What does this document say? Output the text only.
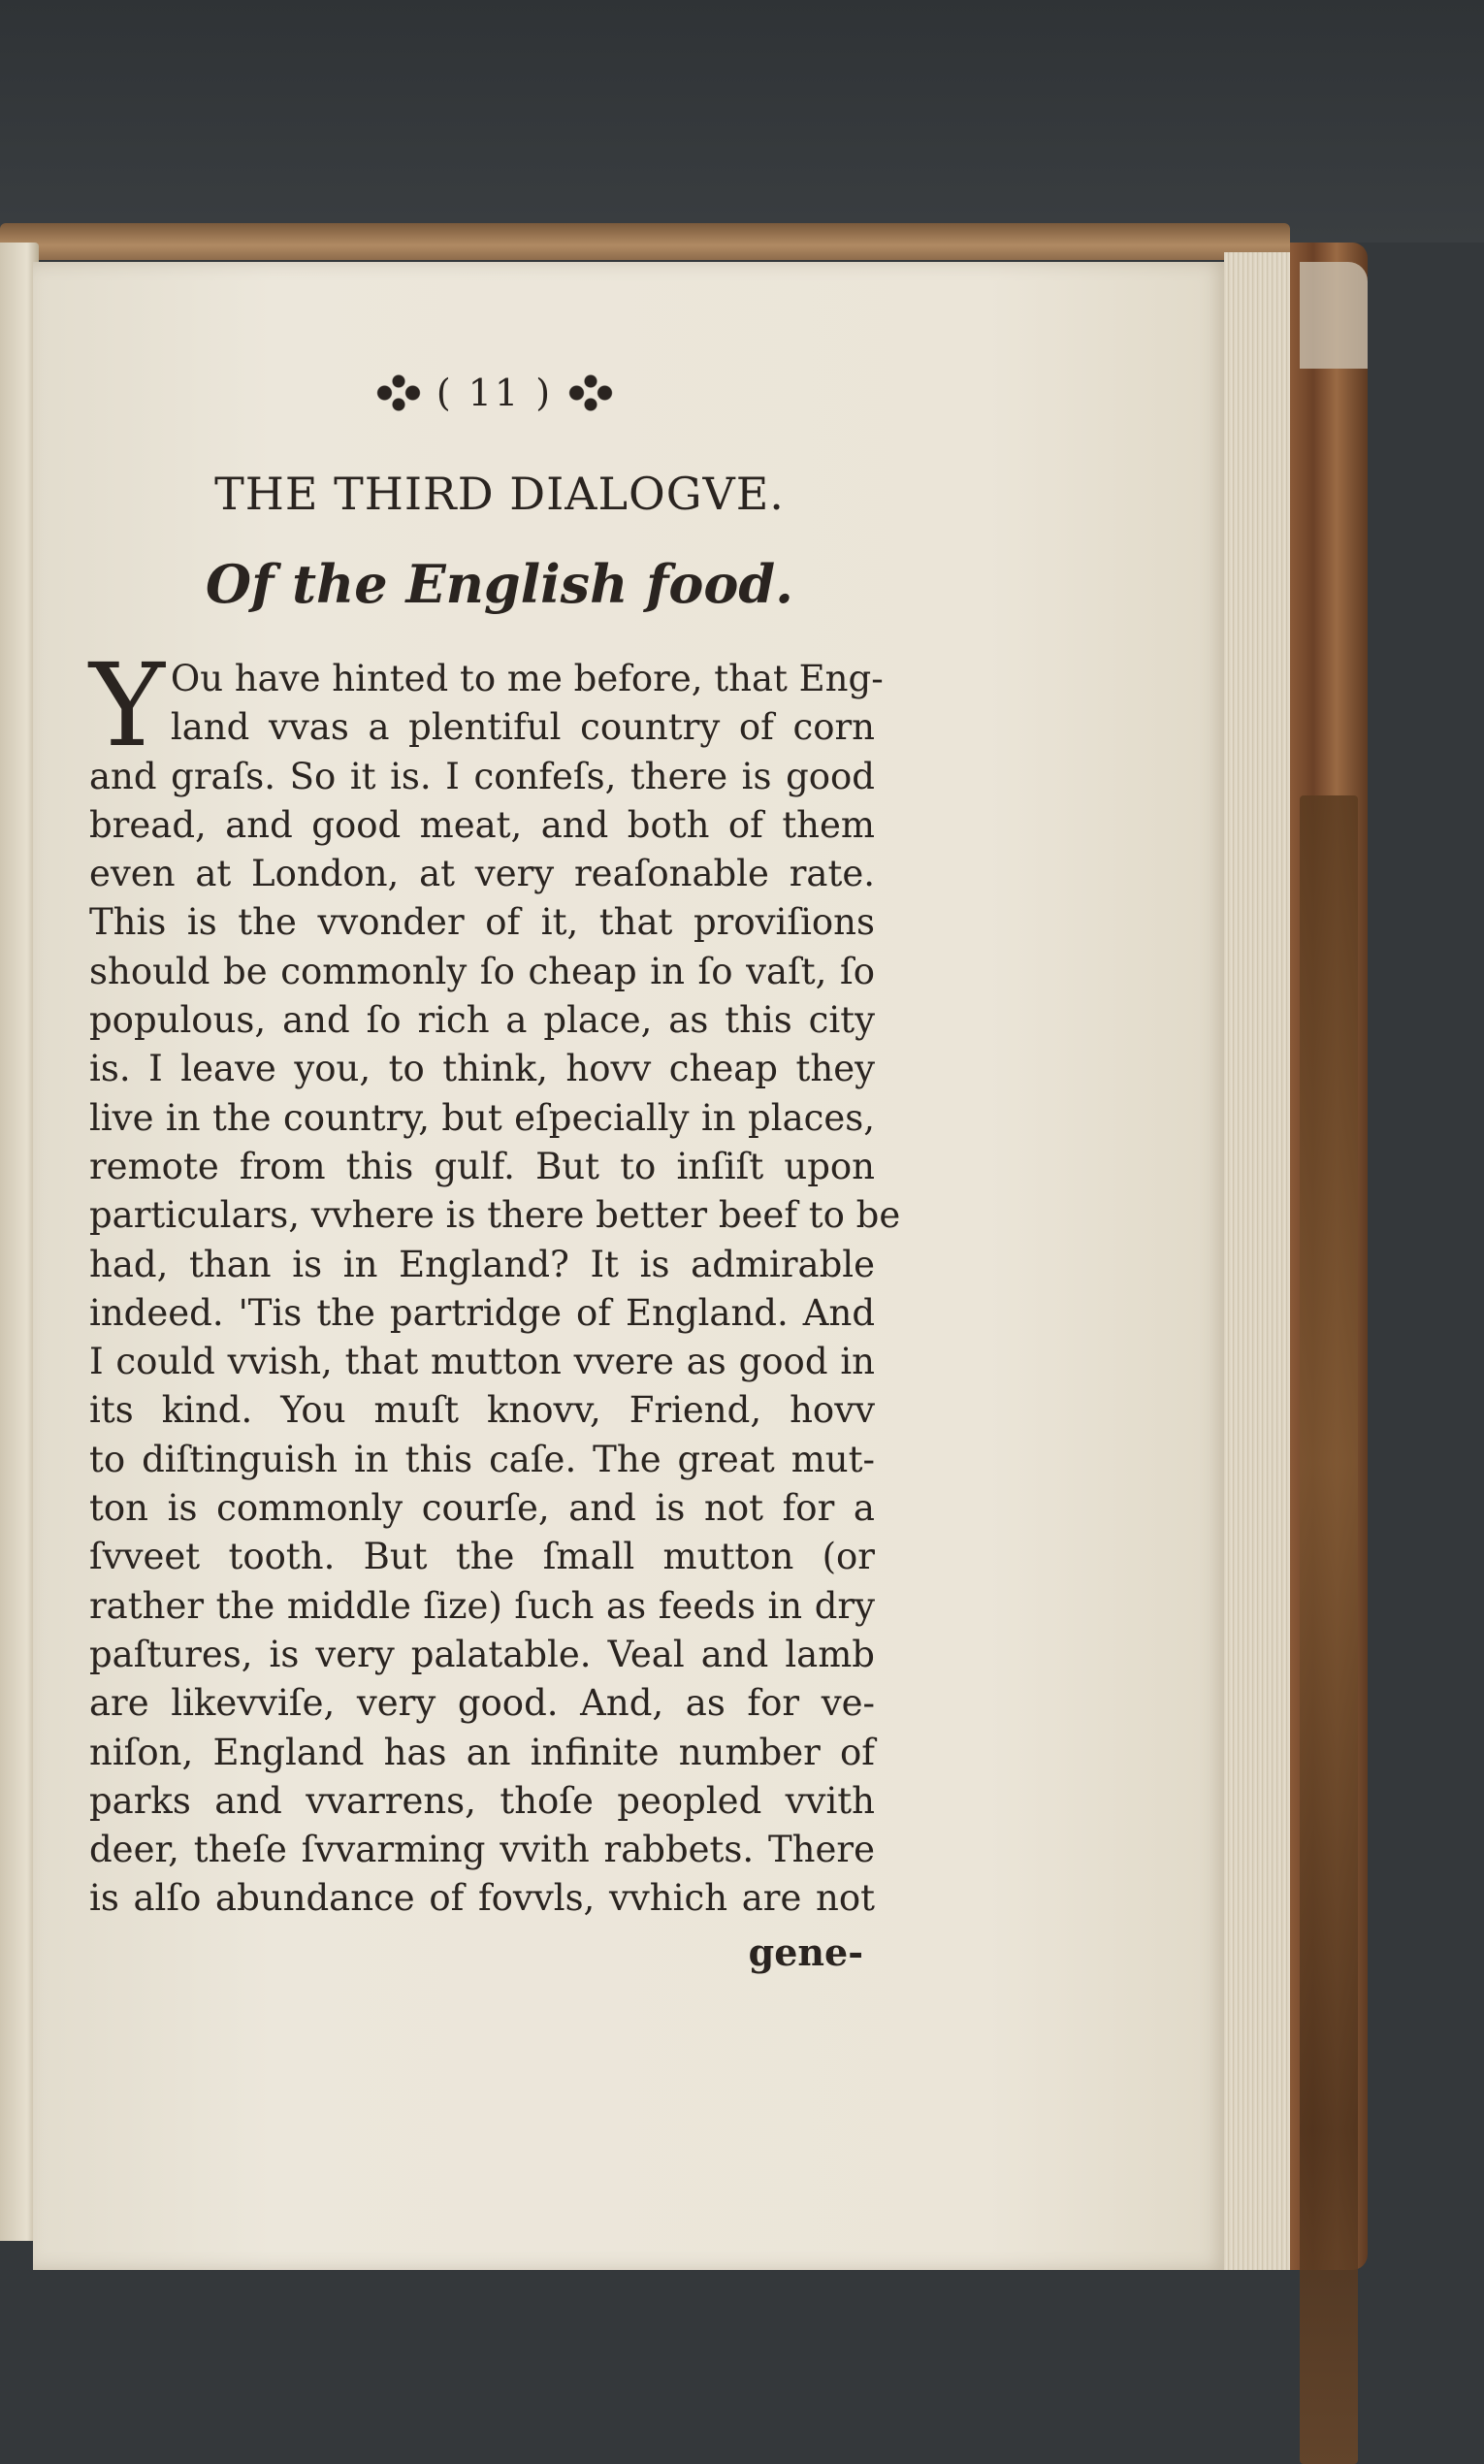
( 11 )
THE THIRD DIALOGVE.
Of the English food.
Y Ou have hinted to me before, that Eng-
land vvas a plentiful country of corn
and graſs. So it is. I confeſs, there is good
bread, and good meat, and both of them
even at London, at very reaſonable rate.
This is the vvonder of it, that proviſions
should be commonly ſo cheap in ſo vaſt, ſo
populous, and ſo rich a place, as this city
is. I leave you, to think, hovv cheap they
live in the country, but eſpecially in places,
remote from this gulf. But to inſiſt upon
particulars, vvhere is there better beef to be
had, than is in England? It is admirable
indeed. 'Tis the partridge of England. And
I could vvish, that mutton vvere as good in
its kind. You muſt knovv, Friend, hovv
to diſtinguish in this caſe. The great mut-
ton is commonly courſe, and is not for a
ſvveet tooth. But the ſmall mutton (or
rather the middle ſize) ſuch as feeds in dry
paſtures, is very palatable. Veal and lamb
are likevviſe, very good. And, as for ve-
niſon, England has an infinite number of
parks and vvarrens, thoſe peopled vvith
deer, theſe ſvvarming vvith rabbets. There
is alſo abundance of fovvls, vvhich are not
gene-
